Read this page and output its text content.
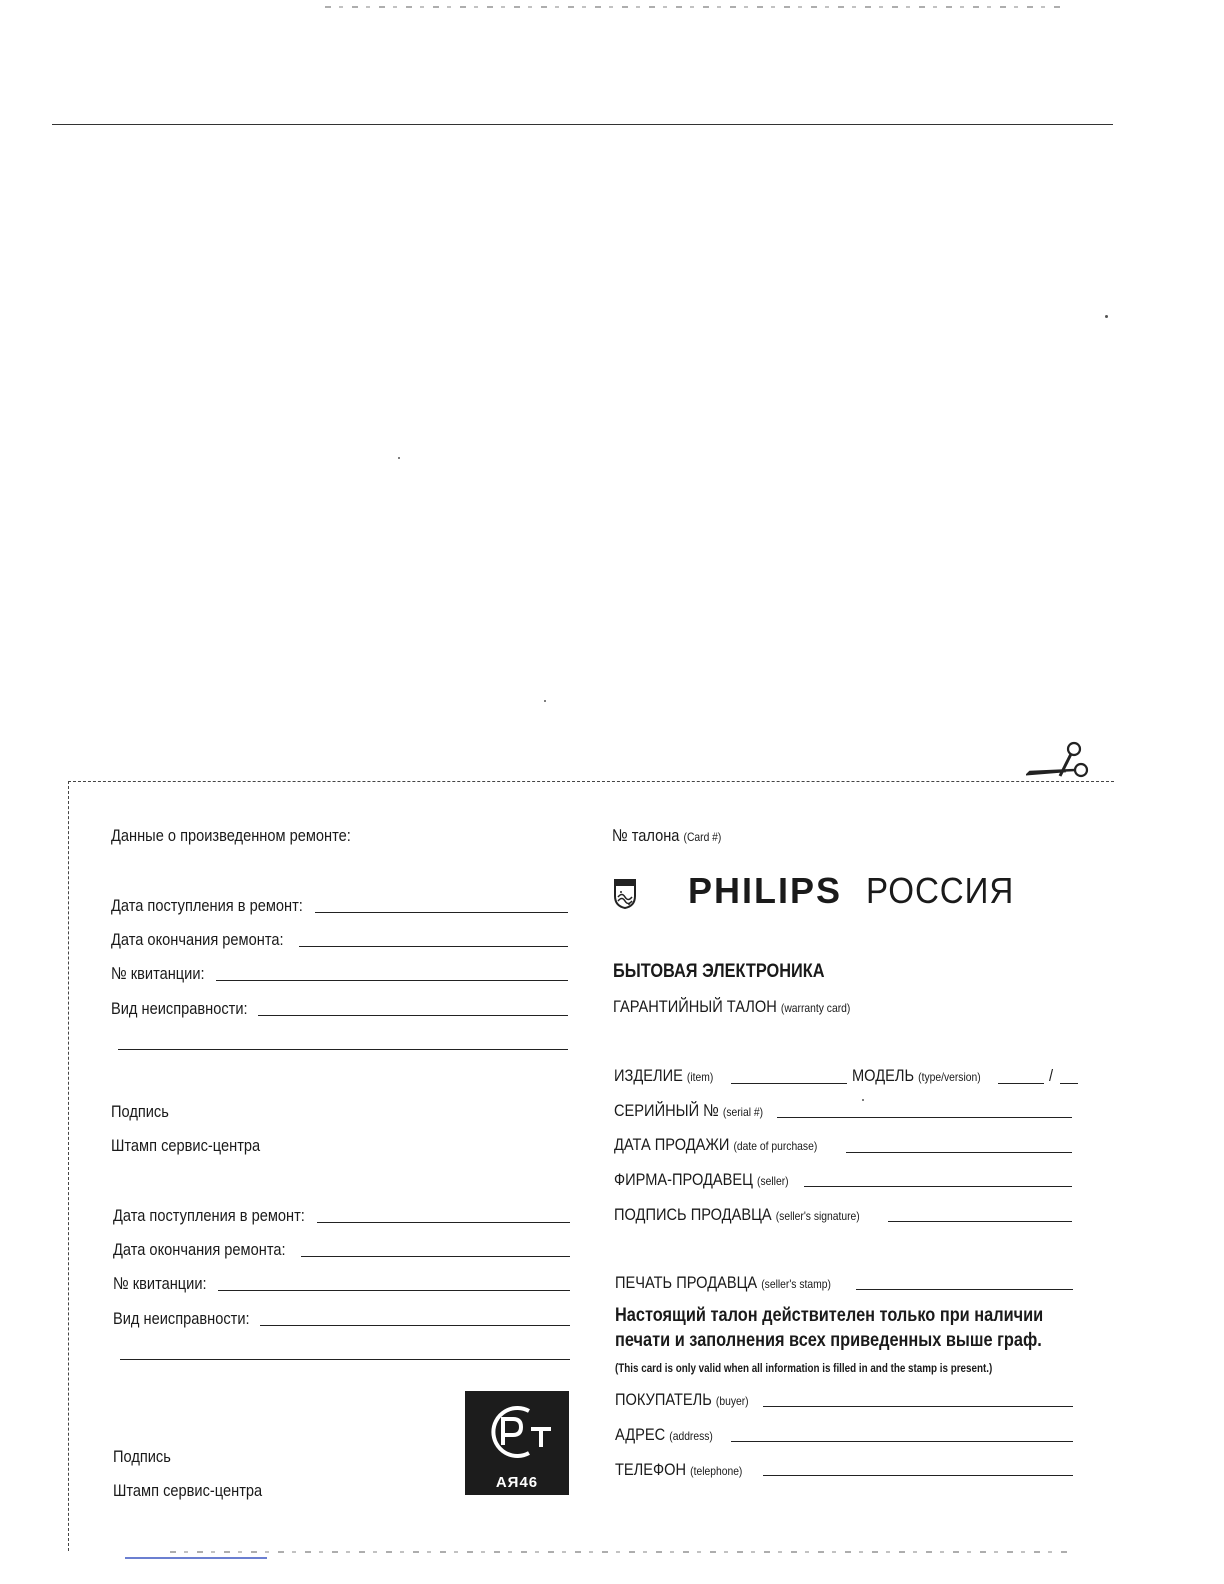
Данные о произведенном ремонте:
Дата поступления в ремонт:
Дата окончания ремонта:
№ квитанции:
Вид неисправности:
Подпись
Штамп сервис-центра
Дата поступления в ремонт:
Дата окончания ремонта:
№ квитанции:
Вид неисправности:
Подпись
Штамп сервис-центра	АЯ46
№ талона (Card #)
PHILIPS РОССИЯ
БЫТОВАЯ ЭЛЕКТРОНИКА
ГАРАНТИЙНЫЙ ТАЛОН (warranty card)
ИЗДЕЛИЕ (item)	МОДЕЛЬ (type/version)	/
СЕРИЙНЫЙ № (serial #)
ДАТА ПРОДАЖИ (date of purchase)
ФИРМА-ПРОДАВЕЦ (seller)
ПОДПИСЬ ПРОДАВЦА (seller's signature)
ПЕЧАТЬ ПРОДАВЦА (seller's stamp)
Настоящий талон действителен только при наличии
печати и заполнения всех приведенных выше граф.
(This card is only valid when all information is filled in and the stamp is present.)
ПОКУПАТЕЛЬ (buyer)
АДРЕС (address)
ТЕЛЕФОН (telephone)
